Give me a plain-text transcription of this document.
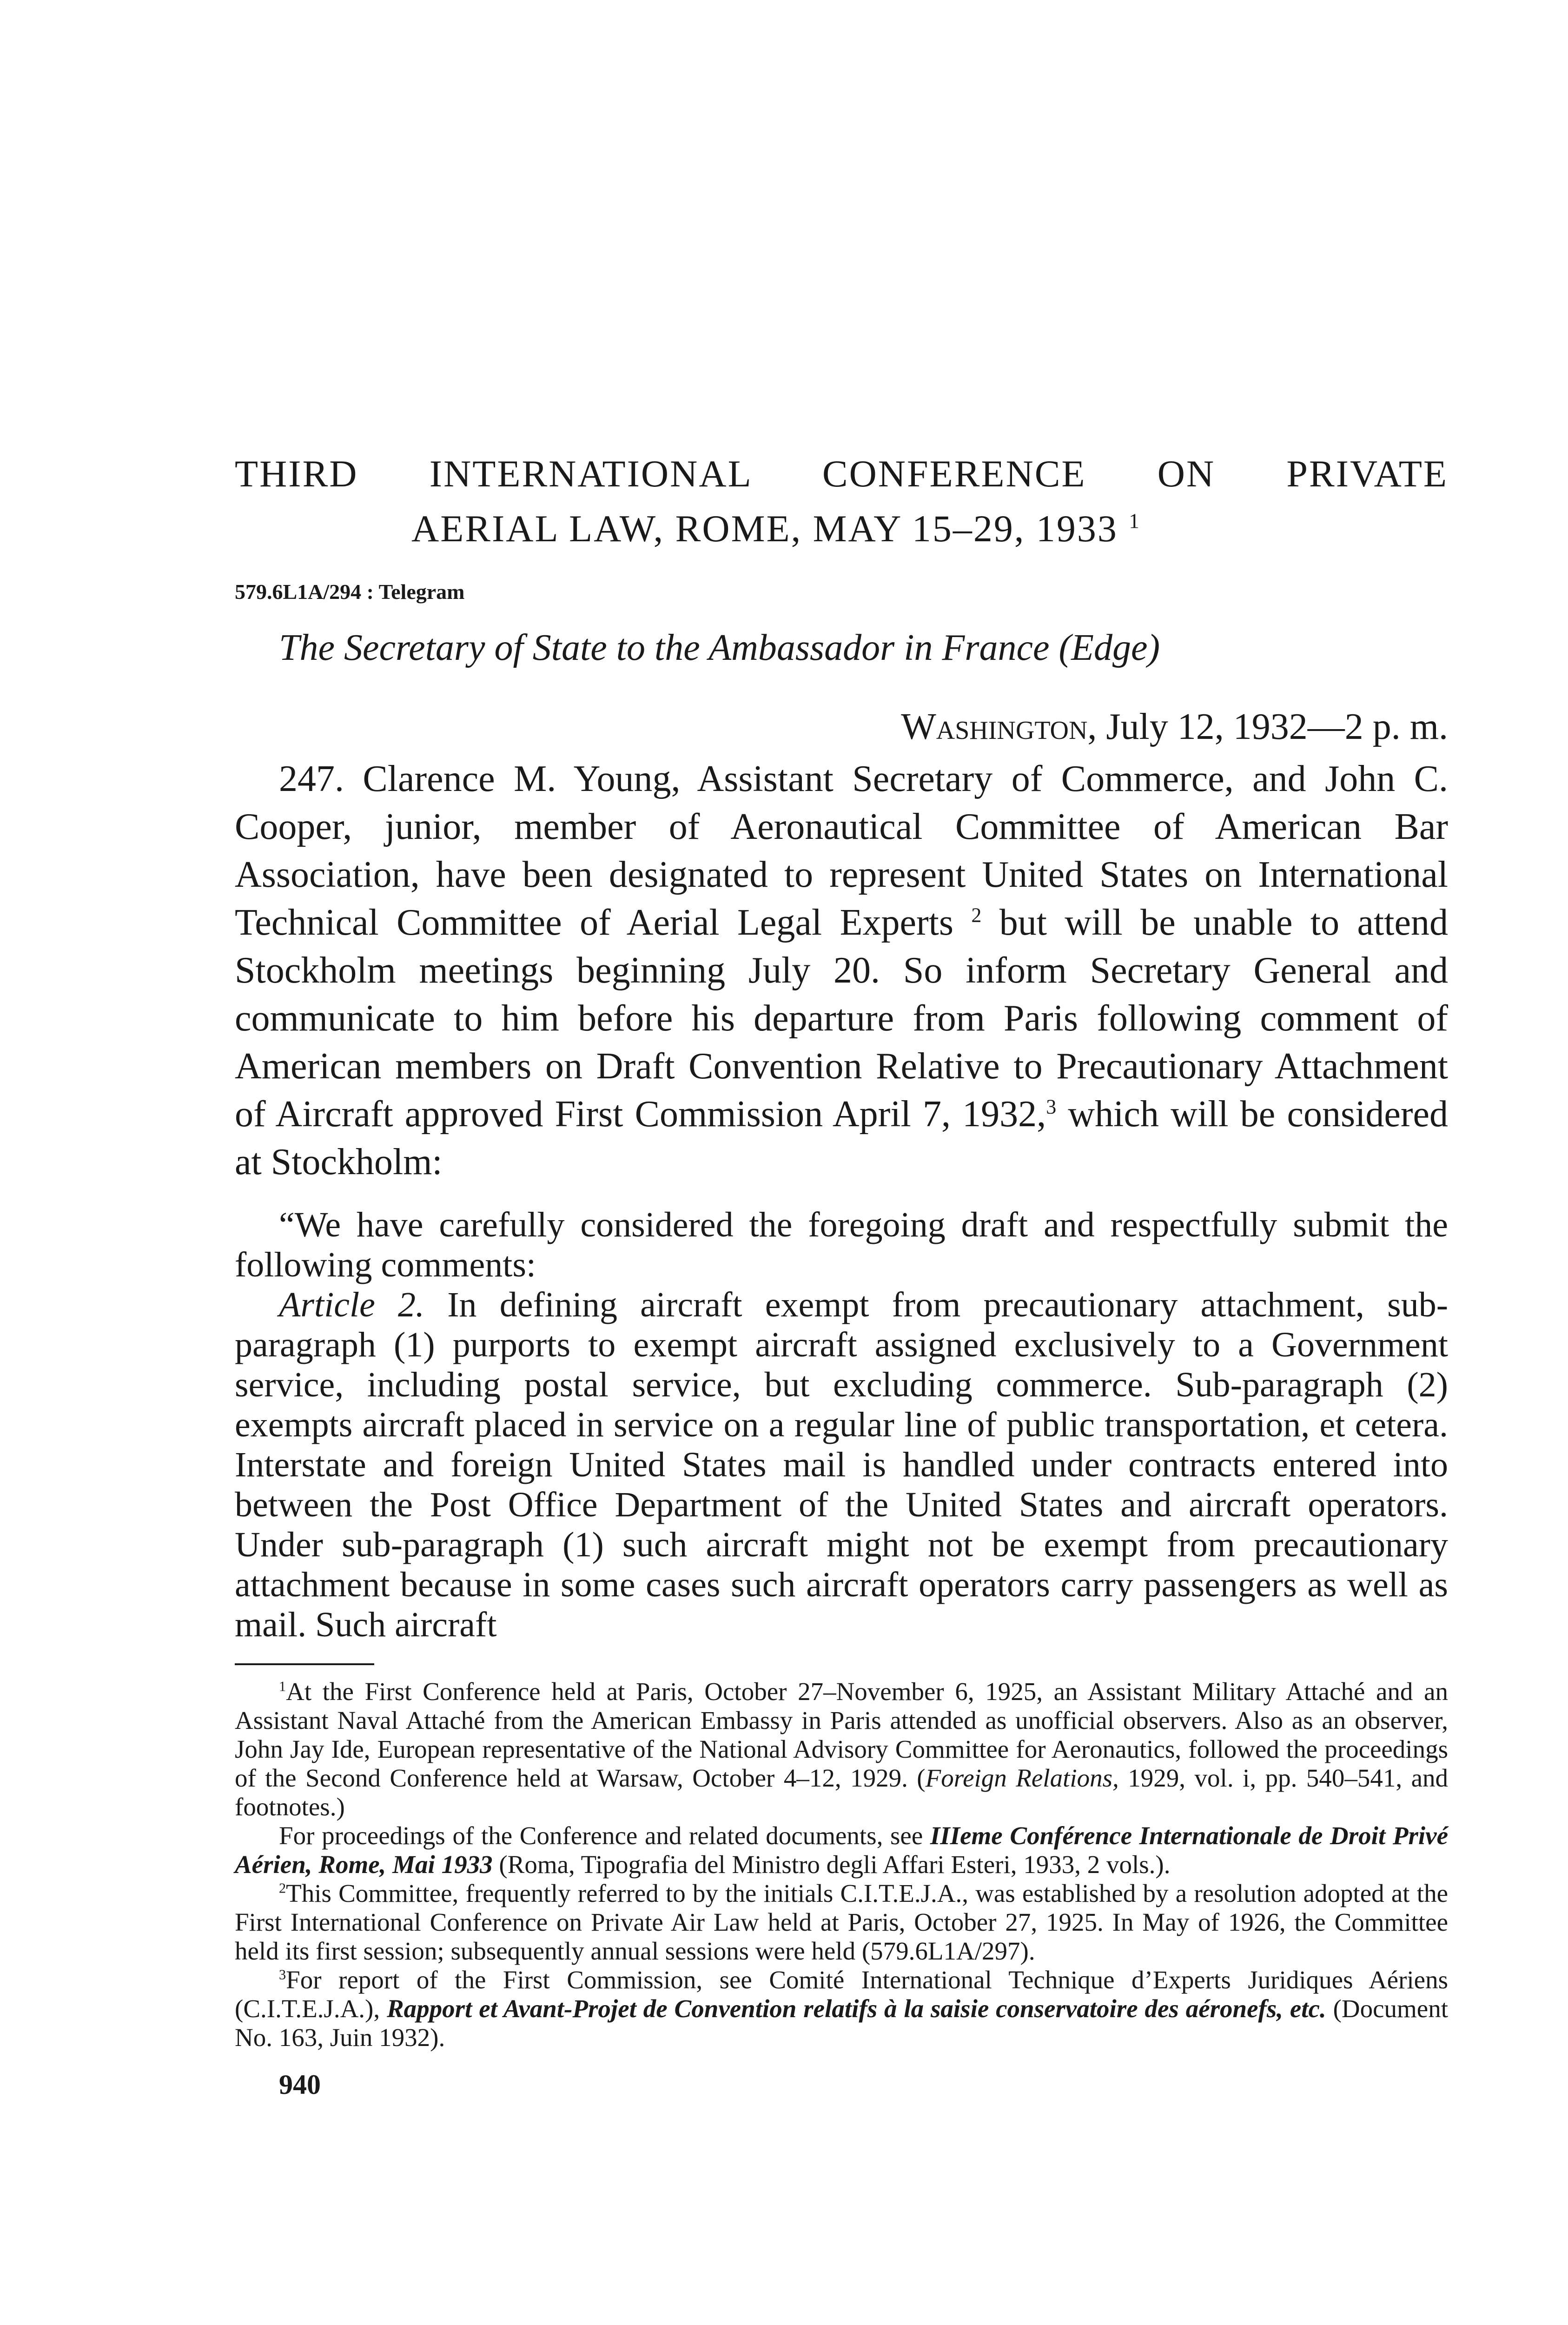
THIRD INTERNATIONAL CONFERENCE ON PRIVATE
AERIAL LAW, ROME, MAY 15–29, 1933 $^1$
579.6L1A/294 : Telegram
The Secretary of State to the Ambassador in France (Edge)
Washington, July 12, 1932—2 p. m.

247. Clarence M. Young, Assistant Secretary of Commerce, and John C. Cooper, junior, member of Aeronautical Committee of American Bar Association, have been designated to represent United States on International Technical Committee of Aerial Legal Experts $^2$ but will be unable to attend Stockholm meetings beginning July 20. So inform Secretary General and communicate to him before his departure from Paris following comment of American members on Draft Convention Relative to Precautionary Attachment of Aircraft approved First Commission April 7, 1932,$^3$ which will be considered at Stockholm:

“We have carefully considered the foregoing draft and respectfully submit the following comments:

Article 2. In defining aircraft exempt from precautionary attachment, sub-paragraph (1) purports to exempt aircraft assigned exclusively to a Government service, including postal service, but excluding commerce. Sub-paragraph (2) exempts aircraft placed in service on a regular line of public transportation, et cetera. Interstate and foreign United States mail is handled under contracts entered into between the Post Office Department of the United States and aircraft operators. Under sub-paragraph (1) such aircraft might not be exempt from precautionary attachment because in some cases such aircraft operators carry passengers as well as mail. Such aircraft

$^1$At the First Conference held at Paris, October 27–November 6, 1925, an Assistant Military Attaché and an Assistant Naval Attaché from the American Embassy in Paris attended as unofficial observers. Also as an observer, John Jay Ide, European representative of the National Advisory Committee for Aeronautics, followed the proceedings of the Second Conference held at Warsaw, October 4–12, 1929. (Foreign Relations, 1929, vol. i, pp. 540–541, and footnotes.)

For proceedings of the Conference and related documents, see IIIeme Conférence Internationale de Droit Privé Aérien, Rome, Mai 1933 (Roma, Tipografia del Ministro degli Affari Esteri, 1933, 2 vols.).

$^2$This Committee, frequently referred to by the initials C.I.T.E.J.A., was established by a resolution adopted at the First International Conference on Private Air Law held at Paris, October 27, 1925. In May of 1926, the Committee held its first session; subsequently annual sessions were held (579.6L1A/297).

$^3$For report of the First Commission, see Comité International Technique d’Experts Juridiques Aériens (C.I.T.E.J.A.), Rapport et Avant-Projet de Convention relatifs à la saisie conservatoire des aéronefs, etc. (Document No. 163, Juin 1932).

940
